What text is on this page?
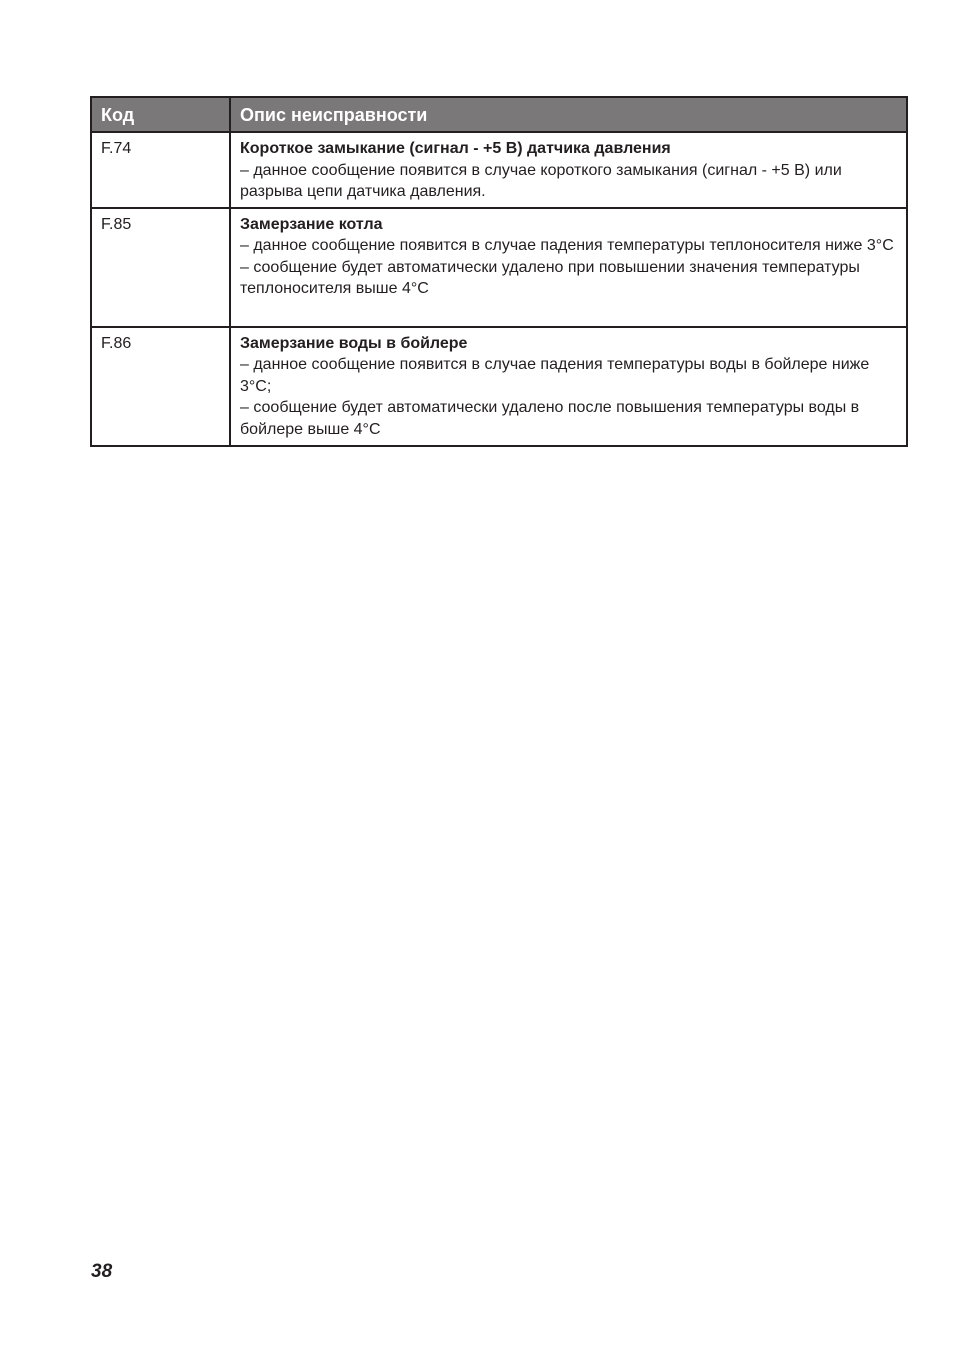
Код	Опис неисправности
F.74	Короткое замыкание (сигнал - +5 В) датчика давления
– данное сообщение появится в случае короткого замыкания (сигнал - +5 В) или разрыва цепи датчика давления.

F.85	Замерзание котла
– данное сообщение появится в случае падения температуры теплоносителя ниже 3°C
– сообщение будет автоматически удалено при повышении значения температуры теплоносителя выше 4°C

F.86	Замерзание воды в бойлере
– данное сообщение появится в случае падения температуры воды в бойлере ниже 3°C;
– сообщение будет автоматически удалено после повышения температуры воды в бойлере выше 4°C
38
